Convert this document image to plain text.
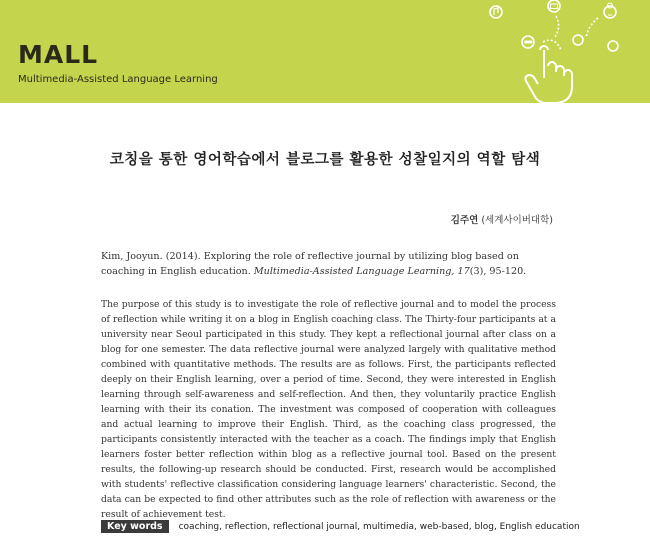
MALL
Multimedia-Assisted Language Learning
코칭을 통한 영어학습에서 블로그를 활용한 성찰일지의 역할 탐색
김주연 (세계사이버대학)
Kim, Jooyun. (2014). Exploring the role of reflective journal by utilizing blog based on coaching in English education. Multimedia-Assisted Language Learning, 17(3), 95-120.
The purpose of this study is to investigate the role of reflective journal and to model the process of reflection while writing it on a blog in English coaching class. The Thirty-four participants at a university near Seoul participated in this study. They kept a reflectional journal after class on a blog for one semester. The data reflective journal were analyzed largely with qualitative method combined with quantitative methods. The results are as follows. First, the participants reflected deeply on their English learning, over a period of time. Second, they were interested in English learning through self-awareness and self-reflection. And then, they voluntarily practice English learning with their its conation. The investment was composed of cooperation with colleagues and actual learning to improve their English. Third, as the coaching class progressed, the participants consistently interacted with the teacher as a coach. The findings imply that English learners foster better reflection within blog as a reflective journal tool. Based on the present results, the following-up research should be conducted. First, research would be accomplished with students' reflective classification considering language learners' characteristic. Second, the data can be expected to find other attributes such as the role of reflection with awareness or the result of achievement test.
Key words	coaching, reflection, reflectional journal, multimedia, web-based, blog, English education
